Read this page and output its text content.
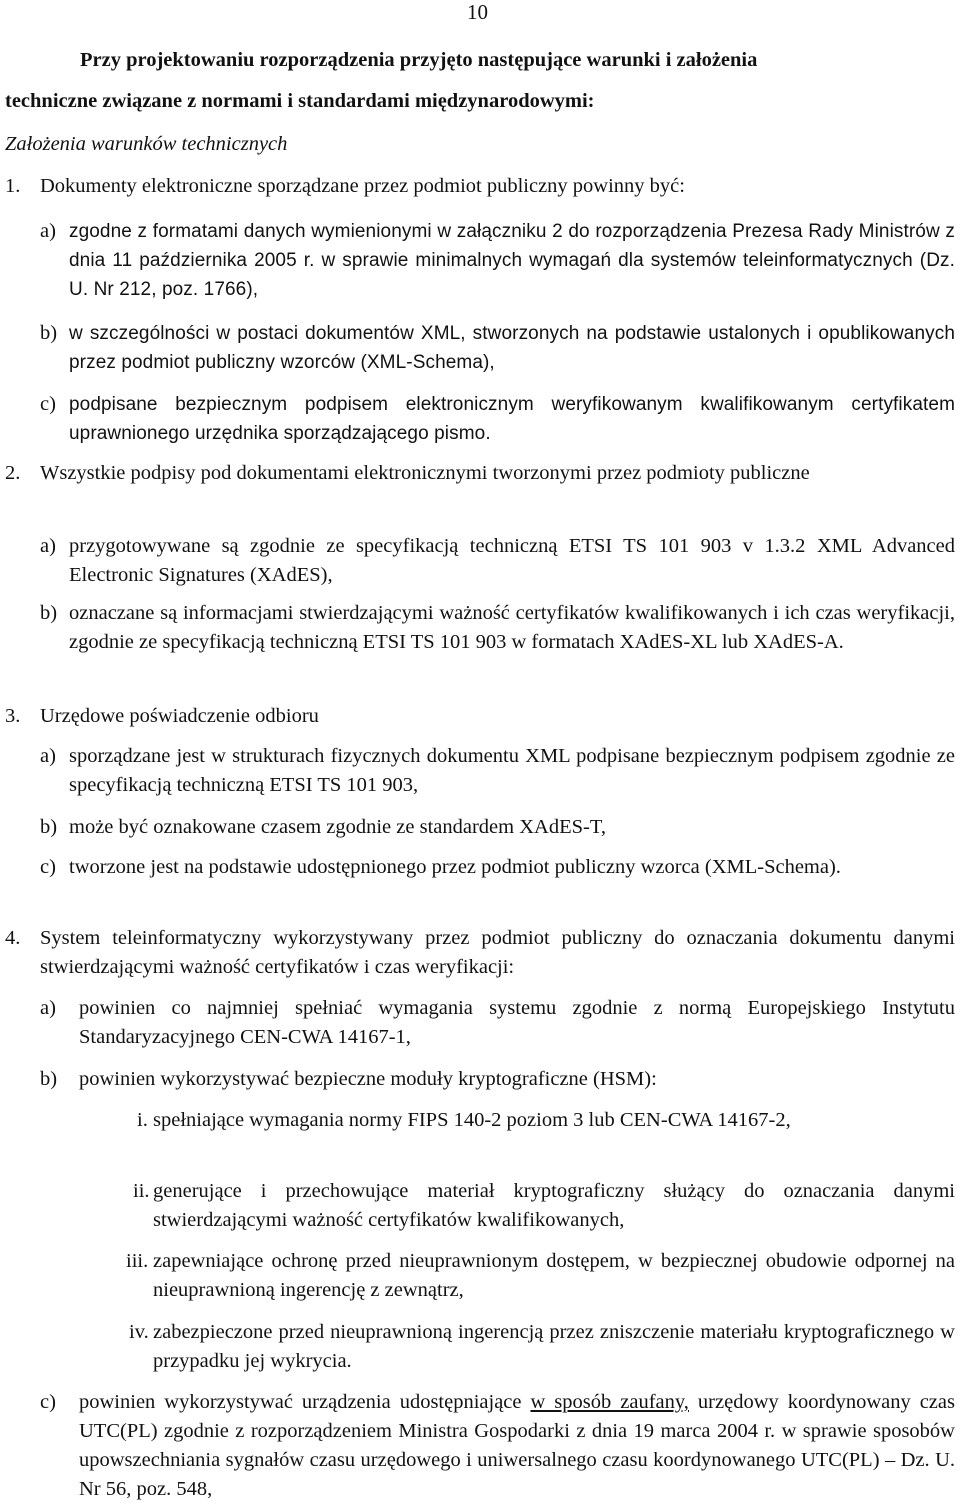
10
Przy projektowaniu rozporządzenia przyjęto następujące warunki i założenia
techniczne związane z normami i standardami międzynarodowymi:
Założenia warunków technicznych
1. Dokumenty elektroniczne sporządzane przez podmiot publiczny powinny być:
a) zgodne z formatami danych wymienionymi w załączniku 2 do rozporządzenia Prezesa Rady Ministrów z dnia 11 października 2005 r. w sprawie minimalnych wymagań dla systemów teleinformatycznych (Dz. U. Nr 212, poz. 1766),
b) w szczególności w postaci dokumentów XML, stworzonych na podstawie ustalonych i opublikowanych przez podmiot publiczny wzorców (XML-Schema),
c) podpisane bezpiecznym podpisem elektronicznym weryfikowanym kwalifikowanym certyfikatem uprawnionego urzędnika sporządzającego pismo.
2. Wszystkie podpisy pod dokumentami elektronicznymi tworzonymi przez podmioty publiczne
a) przygotowywane są zgodnie ze specyfikacją techniczną ETSI TS 101 903 v 1.3.2 XML Advanced Electronic Signatures (XAdES),
b) oznaczane są informacjami stwierdzającymi ważność certyfikatów kwalifikowanych i ich czas weryfikacji, zgodnie ze specyfikacją techniczną ETSI TS 101 903 w formatach XAdES-XL lub XAdES-A.
3. Urzędowe poświadczenie odbioru
a) sporządzane jest w strukturach fizycznych dokumentu XML podpisane bezpiecznym podpisem zgodnie ze specyfikacją techniczną ETSI TS 101 903,
b) może być oznakowane czasem zgodnie ze standardem XAdES-T,
c) tworzone jest na podstawie udostępnionego przez podmiot publiczny wzorca (XML-Schema).
4. System teleinformatyczny wykorzystywany przez podmiot publiczny do oznaczania dokumentu danymi stwierdzającymi ważność certyfikatów i czas weryfikacji:
a) powinien co najmniej spełniać wymagania systemu zgodnie z normą Europejskiego Instytutu Standaryzacyjnego CEN-CWA 14167-1,
b) powinien wykorzystywać bezpieczne moduły kryptograficzne (HSM):
i. spełniające wymagania normy FIPS 140-2 poziom 3 lub CEN-CWA 14167-2,
ii. generujące i przechowujące materiał kryptograficzny służący do oznaczania danymi stwierdzającymi ważność certyfikatów kwalifikowanych,
iii. zapewniające ochronę przed nieuprawnionym dostępem, w bezpiecznej obudowie odpornej na nieuprawnioną ingerencję z zewnątrz,
iv. zabezpieczone przed nieuprawnioną ingerencją przez zniszczenie materiału kryptograficznego w przypadku jej wykrycia.
c) powinien wykorzystywać urządzenia udostępniające w sposób zaufany, urzędowy koordynowany czas UTC(PL) zgodnie z rozporządzeniem Ministra Gospodarki z dnia 19 marca 2004 r. w sprawie sposobów upowszechniania sygnałów czasu urzędowego i uniwersalnego czasu koordynowanego UTC(PL) – Dz. U. Nr 56, poz. 548,
